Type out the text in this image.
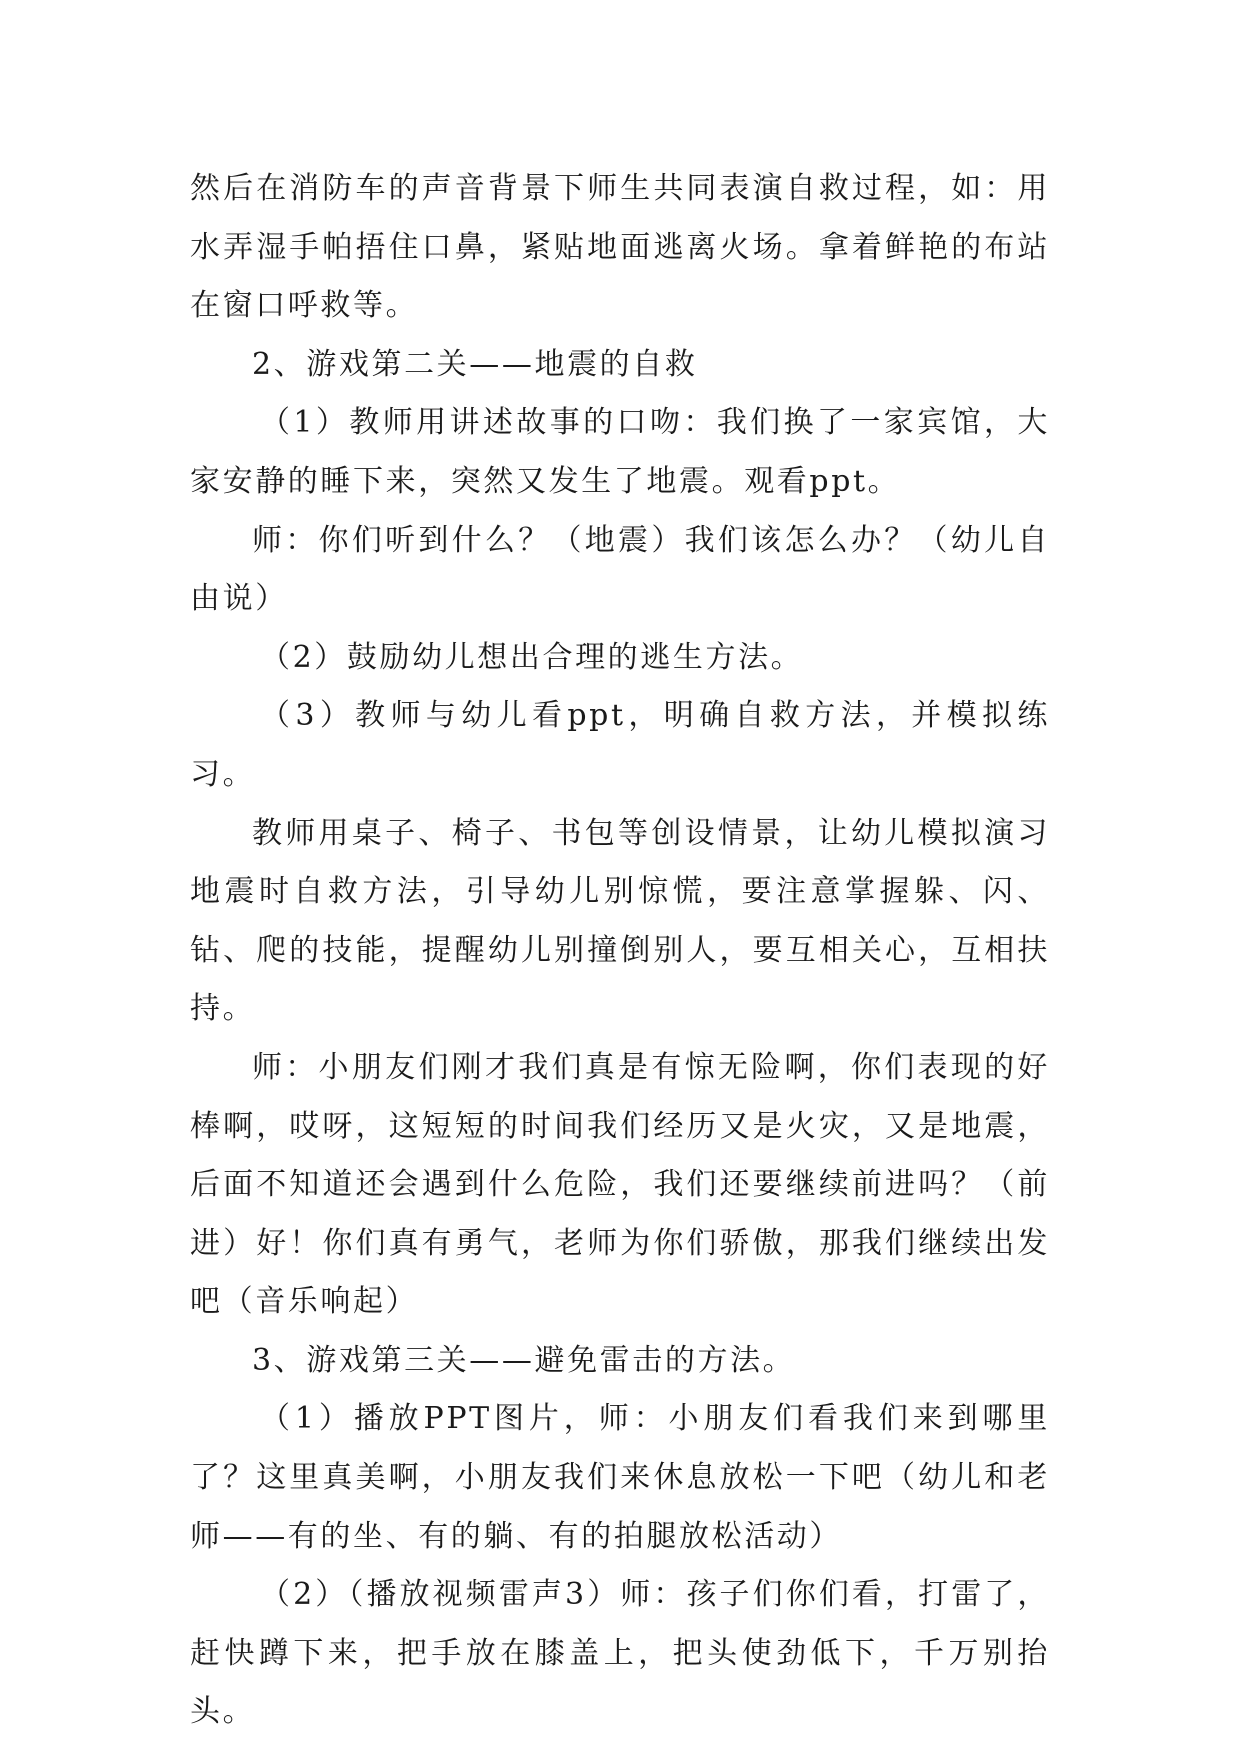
然后在消防车的声音背景下师生共同表演自救过程，如：用水弄湿手帕捂住口鼻，紧贴地面逃离火场。拿着鲜艳的布站在窗口呼救等。

2、游戏第二关——地震的自救

（1）教师用讲述故事的口吻：我们换了一家宾馆，大家安静的睡下来，突然又发生了地震。观看ppt。

师：你们听到什么？（地震）我们该怎么办？（幼儿自由说）

（2）鼓励幼儿想出合理的逃生方法。

（3）教师与幼儿看ppt，明确自救方法，并模拟练习。

教师用桌子、椅子、书包等创设情景，让幼儿模拟演习地震时自救方法，引导幼儿别惊慌，要注意掌握躲、闪、钻、爬的技能，提醒幼儿别撞倒别人，要互相关心，互相扶持。

师：小朋友们刚才我们真是有惊无险啊，你们表现的好棒啊，哎呀，这短短的时间我们经历又是火灾，又是地震，后面不知道还会遇到什么危险，我们还要继续前进吗？（前进）好！你们真有勇气，老师为你们骄傲，那我们继续出发吧（音乐响起）

3、游戏第三关——避免雷击的方法。

（1）播放PPT图片，师：小朋友们看我们来到哪里了？这里真美啊，小朋友我们来休息放松一下吧（幼儿和老师——有的坐、有的躺、有的拍腿放松活动）

（2）（播放视频雷声3）师：孩子们你们看，打雷了，赶快蹲下来，把手放在膝盖上，把头使劲低下，千万别抬头。
